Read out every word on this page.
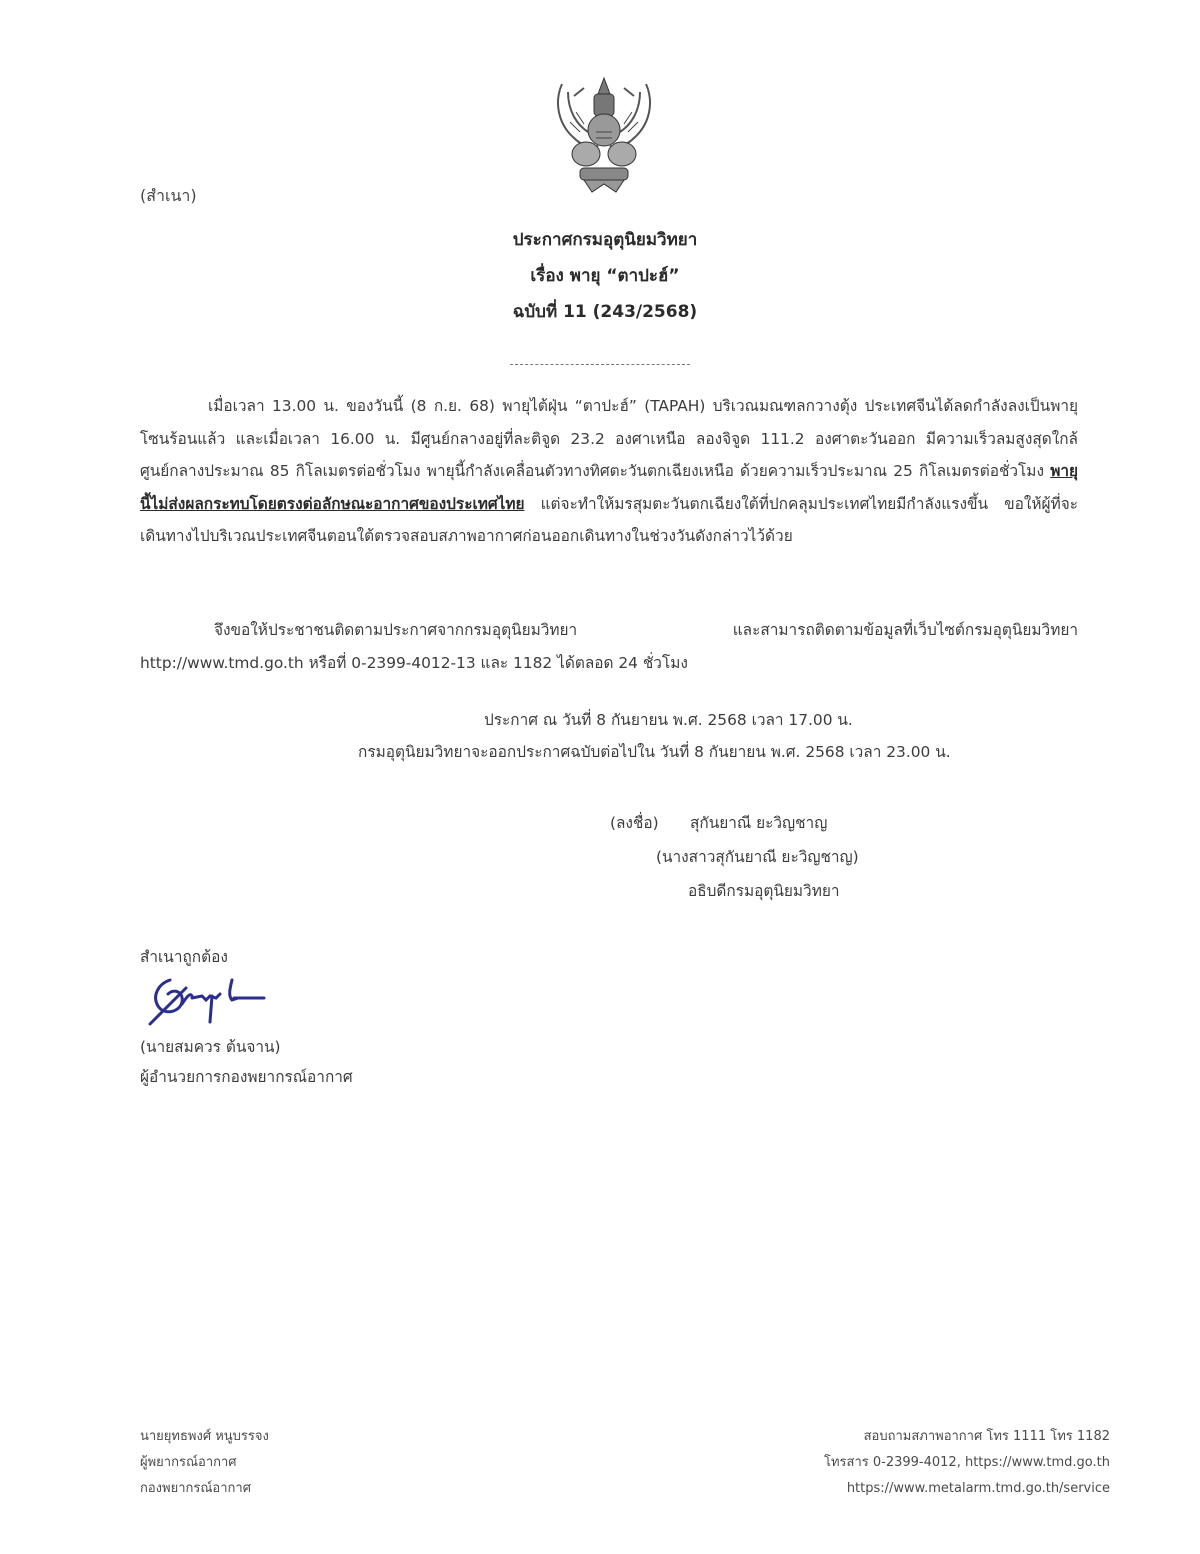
(สำเนา)
ประกาศกรมอุตุนิยมวิทยา
เรื่อง พายุ “ตาปะฮ์”
ฉบับที่ 11 (243/2568)
เมื่อเวลา 13.00 น. ของวันนี้ (8 ก.ย. 68) พายุไต้ฝุ่น “ตาปะฮ์” (TAPAH) บริเวณมณฑลกวางตุ้ง ประเทศจีนได้ลดกำลังลงเป็นพายุโซนร้อนแล้ว และเมื่อเวลา 16.00 น. มีศูนย์กลางอยู่ที่ละติจูด 23.2 องศาเหนือ ลองจิจูด 111.2 องศาตะวันออก มีความเร็วลมสูงสุดใกล้ศูนย์กลางประมาณ 85 กิโลเมตรต่อชั่วโมง พายุนี้กำลังเคลื่อนตัวทางทิศตะวันตกเฉียงเหนือ ด้วยความเร็วประมาณ 25 กิโลเมตรต่อชั่วโมง พายุนี้ไม่ส่งผลกระทบโดยตรงต่อลักษณะอากาศของประเทศไทย แต่จะทำให้มรสุมตะวันตกเฉียงใต้ที่ปกคลุมประเทศไทยมีกำลังแรงขึ้น ขอให้ผู้ที่จะเดินทางไปบริเวณประเทศจีนตอนใต้ตรวจสอบสภาพอากาศก่อนออกเดินทางในช่วงวันดังกล่าวไว้ด้วย
จึงขอให้ประชาชนติดตามประกาศจากกรมอุตุนิยมวิทยา และสามารถติดตามข้อมูลที่เว็บไซต์กรมอุตุนิยมวิทยา http://www.tmd.go.th หรือที่ 0-2399-4012-13 และ 1182 ได้ตลอด 24 ชั่วโมง
ประกาศ ณ วันที่ 8 กันยายน พ.ศ. 2568 เวลา 17.00 น.
กรมอุตุนิยมวิทยาจะออกประกาศฉบับต่อไปใน วันที่ 8 กันยายน พ.ศ. 2568 เวลา 23.00 น.
(ลงชื่อ) สุกันยาณี ยะวิญชาญ
(นางสาวสุกันยาณี ยะวิญชาญ)
อธิบดีกรมอุตุนิยมวิทยา
สำเนาถูกต้อง
(นายสมควร ต้นจาน)
ผู้อำนวยการกองพยากรณ์อากาศ
นายยุทธพงศ์ หนูบรรจง
ผู้พยากรณ์อากาศ
กองพยากรณ์อากาศ
สอบถามสภาพอากาศ โทร 1111 โทร 1182
โทรสาร 0-2399-4012, https://www.tmd.go.th
https://www.metalarm.tmd.go.th/service
